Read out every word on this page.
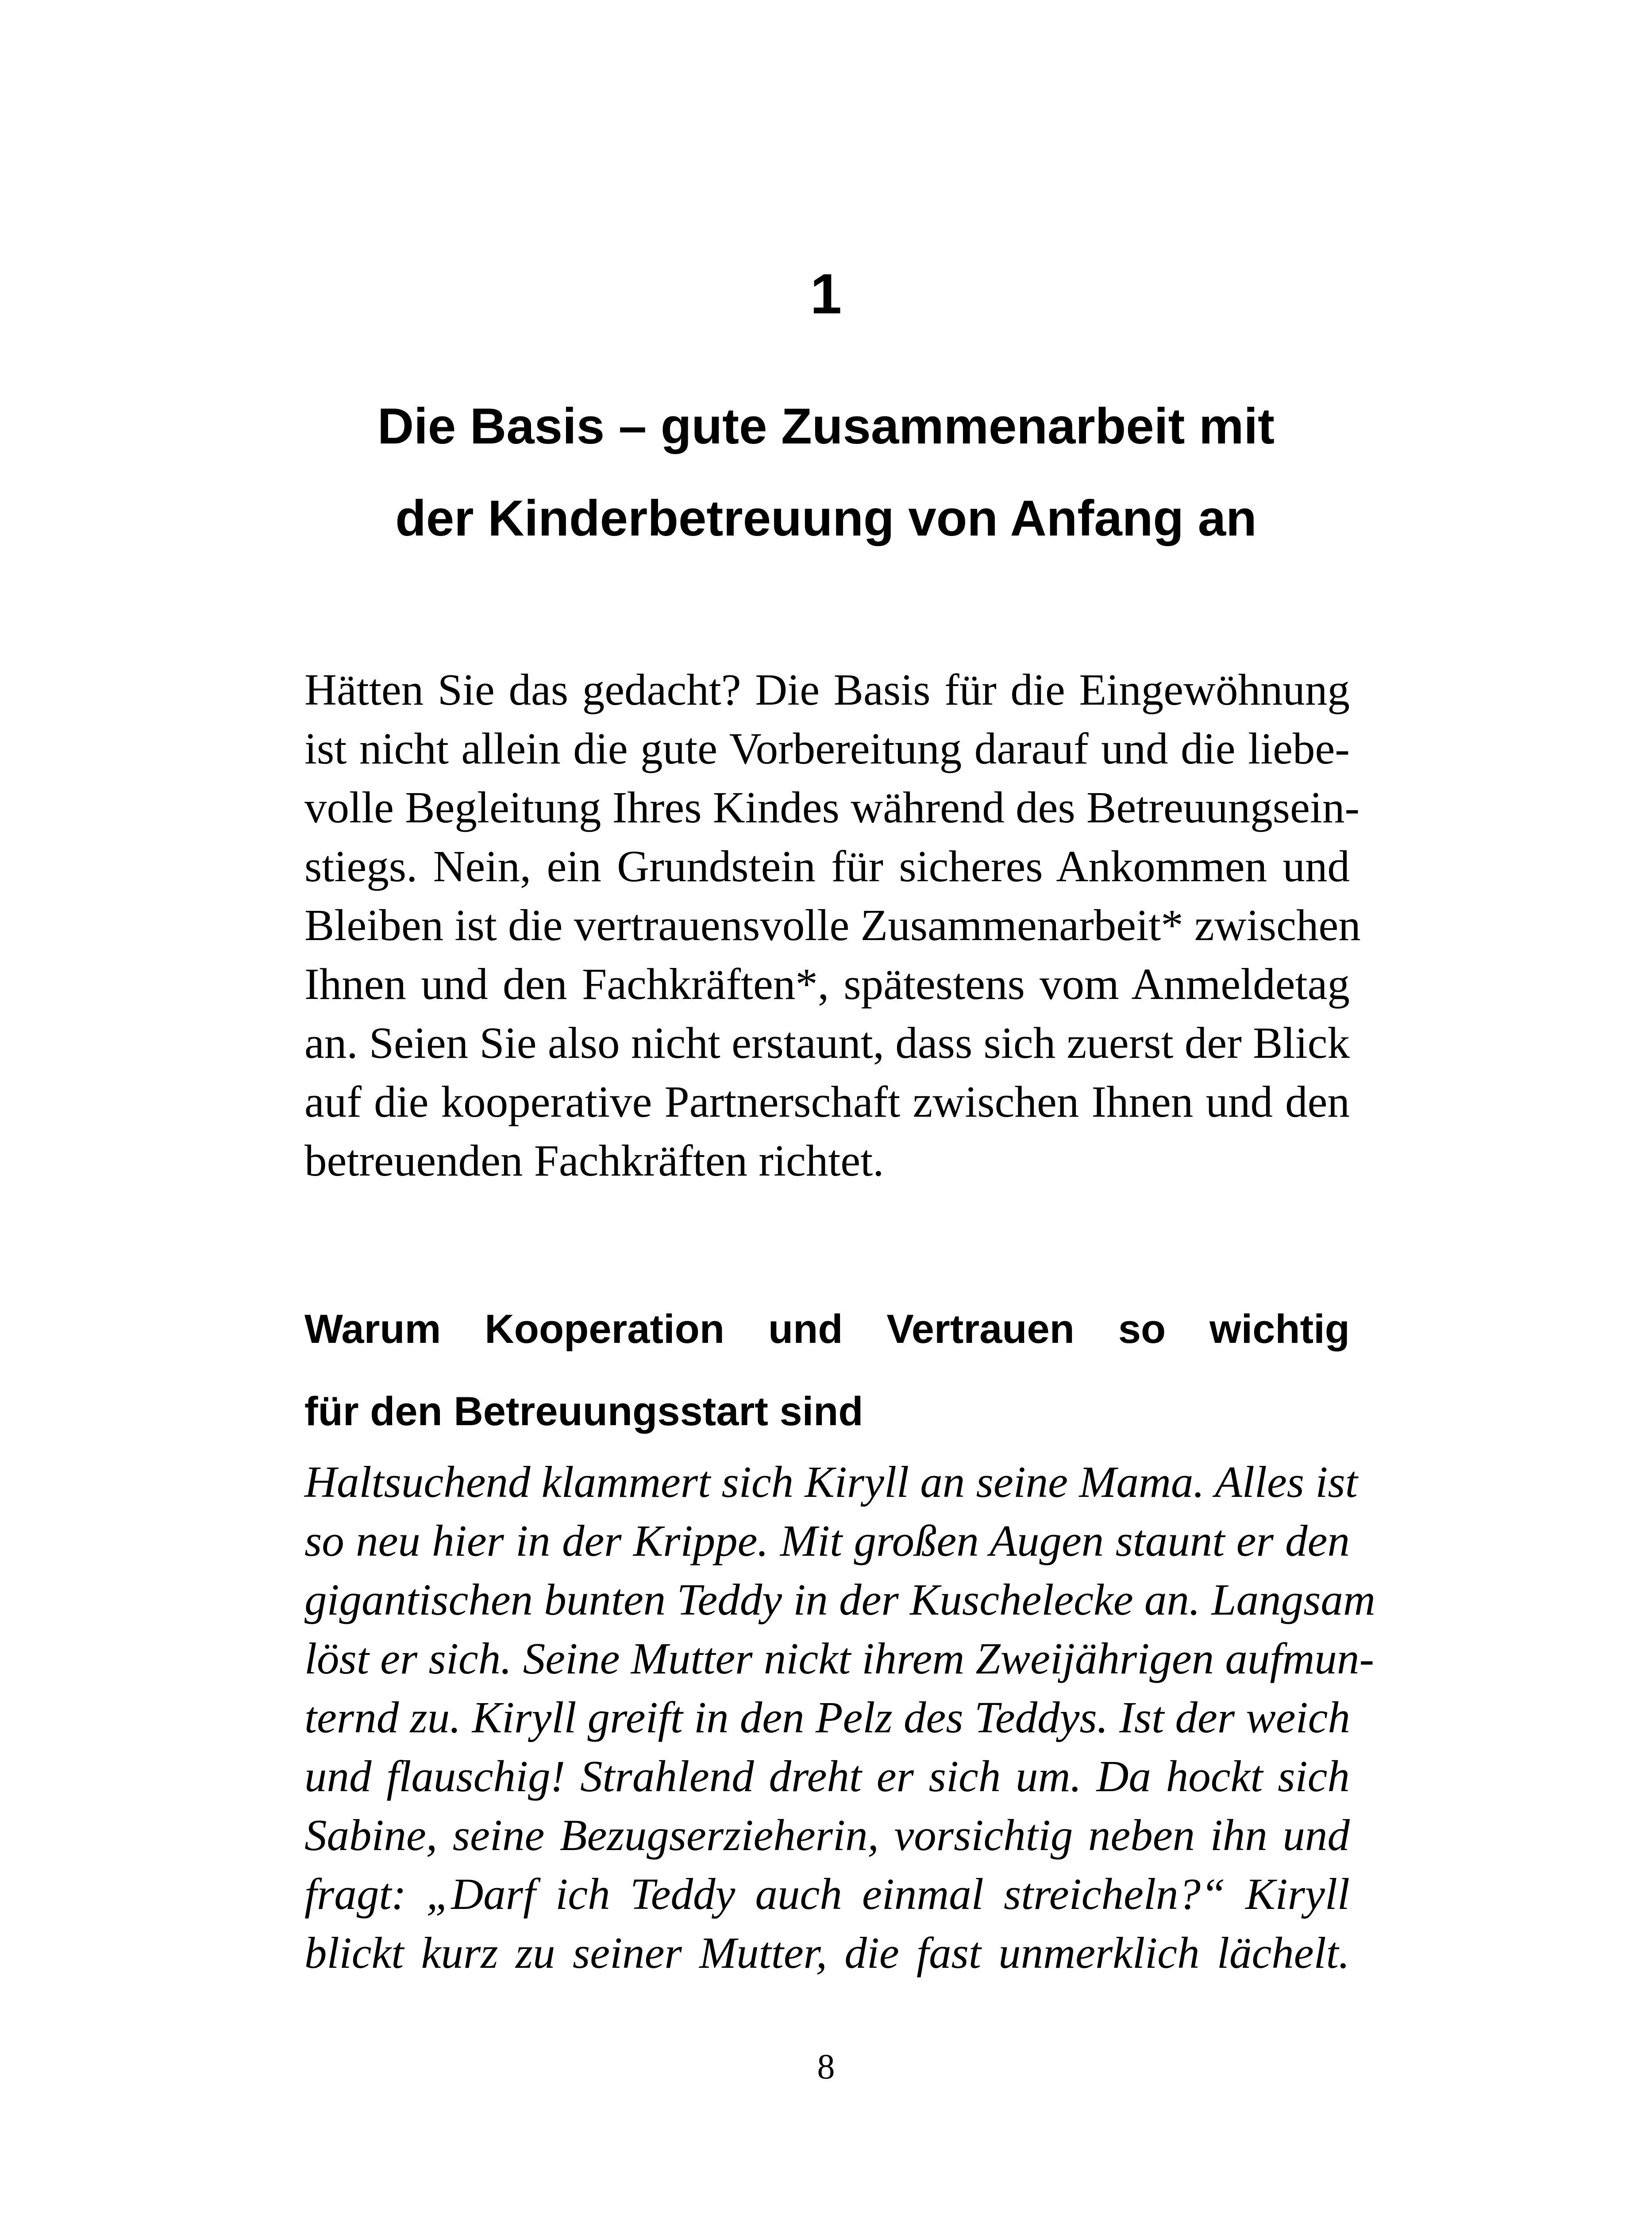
1
Die Basis – gute Zusammenarbeit mit
der Kinderbetreuung von Anfang an

Hätten Sie das gedacht? Die Basis für die Eingewöhnung
ist nicht allein die gute Vorbereitung darauf und die liebe-
volle Begleitung Ihres Kindes während des Betreuungsein-
stiegs. Nein, ein Grundstein für sicheres Ankommen und
Bleiben ist die vertrauensvolle Zusammenarbeit* zwischen
Ihnen und den Fachkräften*, spätestens vom Anmeldetag
an. Seien Sie also nicht erstaunt, dass sich zuerst der Blick
auf die kooperative Partnerschaft zwischen Ihnen und den
betreuenden Fachkräften richtet.

Warum Kooperation und Vertrauen so wichtig
für den Betreuungsstart sind

Haltsuchend klammert sich Kiryll an seine Mama. Alles ist
so neu hier in der Krippe. Mit großen Augen staunt er den
gigantischen bunten Teddy in der Kuschelecke an. Langsam
löst er sich. Seine Mutter nickt ihrem Zweijährigen aufmun-
ternd zu. Kiryll greift in den Pelz des Teddys. Ist der weich
und flauschig! Strahlend dreht er sich um. Da hockt sich
Sabine, seine Bezugserzieherin, vorsichtig neben ihn und
fragt: „Darf ich Teddy auch einmal streicheln?“ Kiryll
blickt kurz zu seiner Mutter, die fast unmerklich lächelt.

8
